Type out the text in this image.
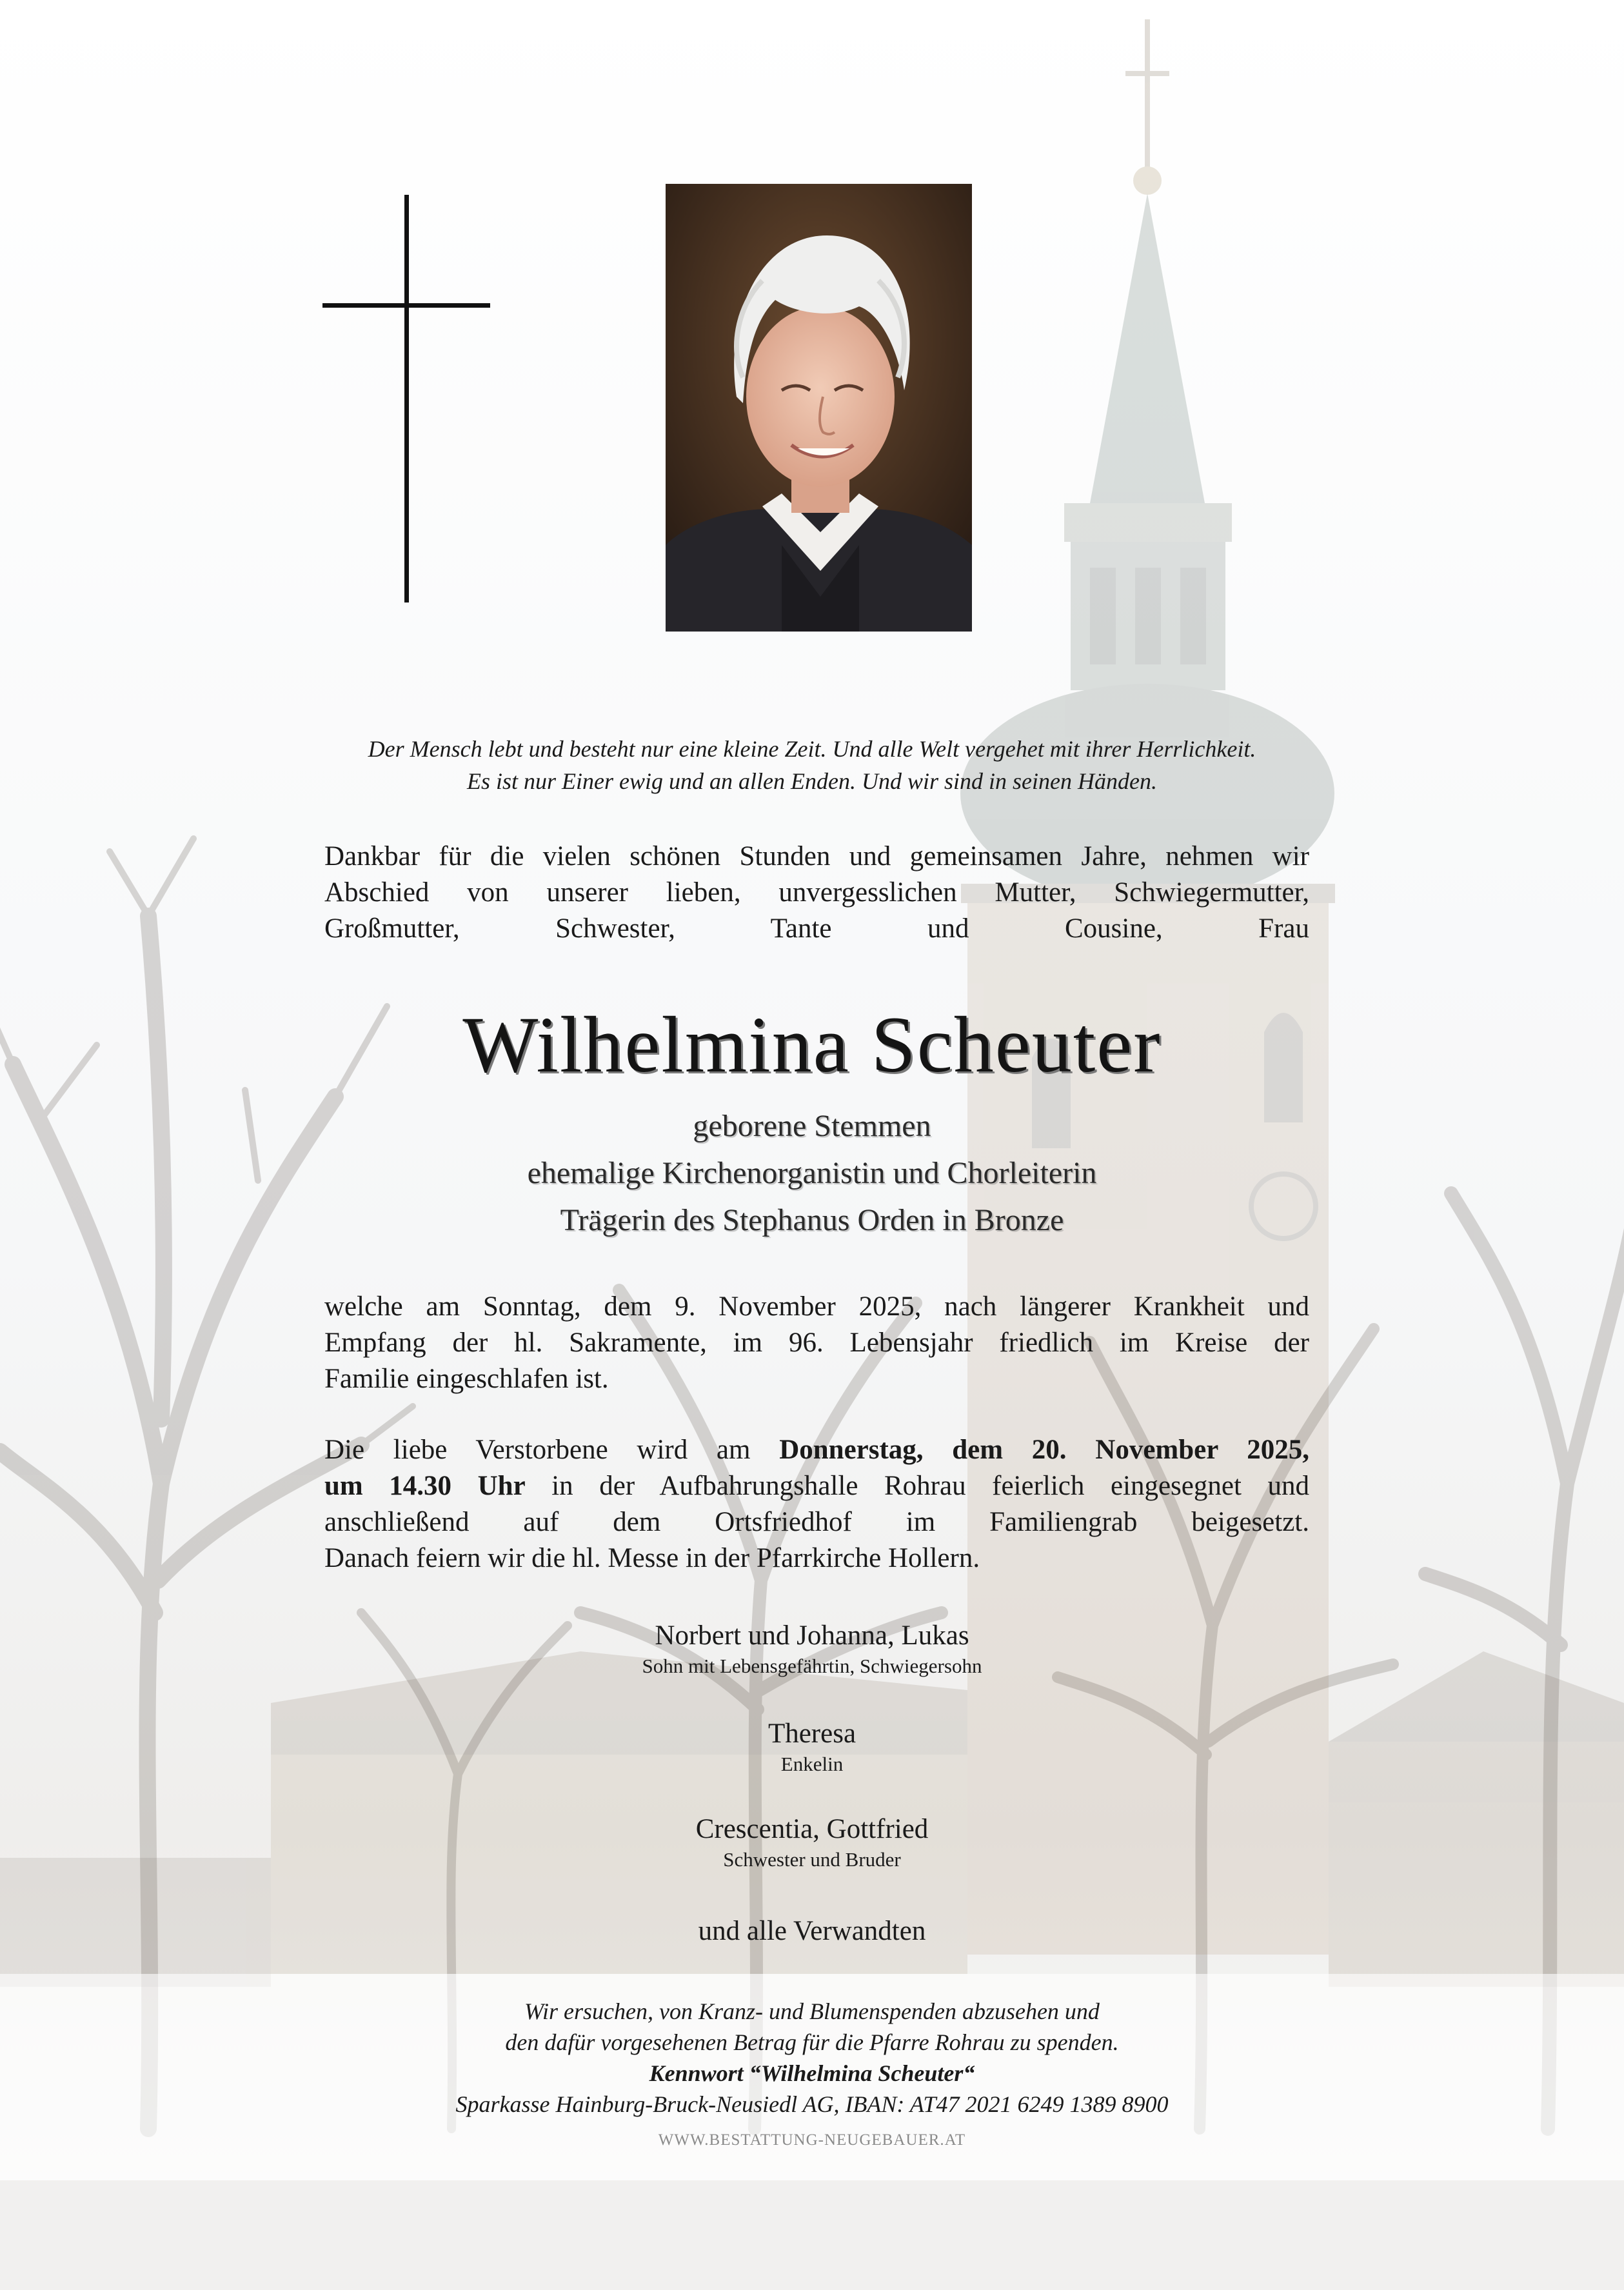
Der Mensch lebt und besteht nur eine kleine Zeit. Und alle Welt vergehet mit ihrer Herrlichkeit.

Es ist nur Einer ewig und an allen Enden. Und wir sind in seinen Händen.

Dankbar für die vielen schönen Stunden und gemeinsamen Jahre, nehmen wir

Abschied von unserer lieben, unvergesslichen Mutter, Schwiegermutter,

Großmutter, Schwester, Tante und Cousine, Frau

Wilhelmina Scheuter
geborene Stemmen
ehemalige Kirchenorganistin und Chorleiterin
Trägerin des Stephanus Orden in Bronze

welche am Sonntag, dem 9. November 2025, nach längerer Krankheit und

Empfang der hl. Sakramente, im 96. Lebensjahr friedlich im Kreise der

Familie eingeschlafen ist.

Die liebe Verstorbene wird am Donnerstag, dem 20. November 2025,

um 14.30 Uhr in der Aufbahrungshalle Rohrau feierlich eingesegnet und

anschließend auf dem Ortsfriedhof im Familiengrab beigesetzt.

Danach feiern wir die hl. Messe in der Pfarrkirche Hollern.

Norbert und Johanna, Lukas
Sohn mit Lebensgefährtin, Schwiegersohn
Theresa
Enkelin
Crescentia, Gottfried
Schwester und Bruder
und alle Verwandten

Wir ersuchen, von Kranz- und Blumenspenden abzusehen und

den dafür vorgesehenen Betrag für die Pfarre Rohrau zu spenden.

Kennwort “Wilhelmina Scheuter“

Sparkasse Hainburg-Bruck-Neusiedl AG, IBAN: AT47 2021 6249 1389 8900

WWW.BESTATTUNG-NEUGEBAUER.AT
